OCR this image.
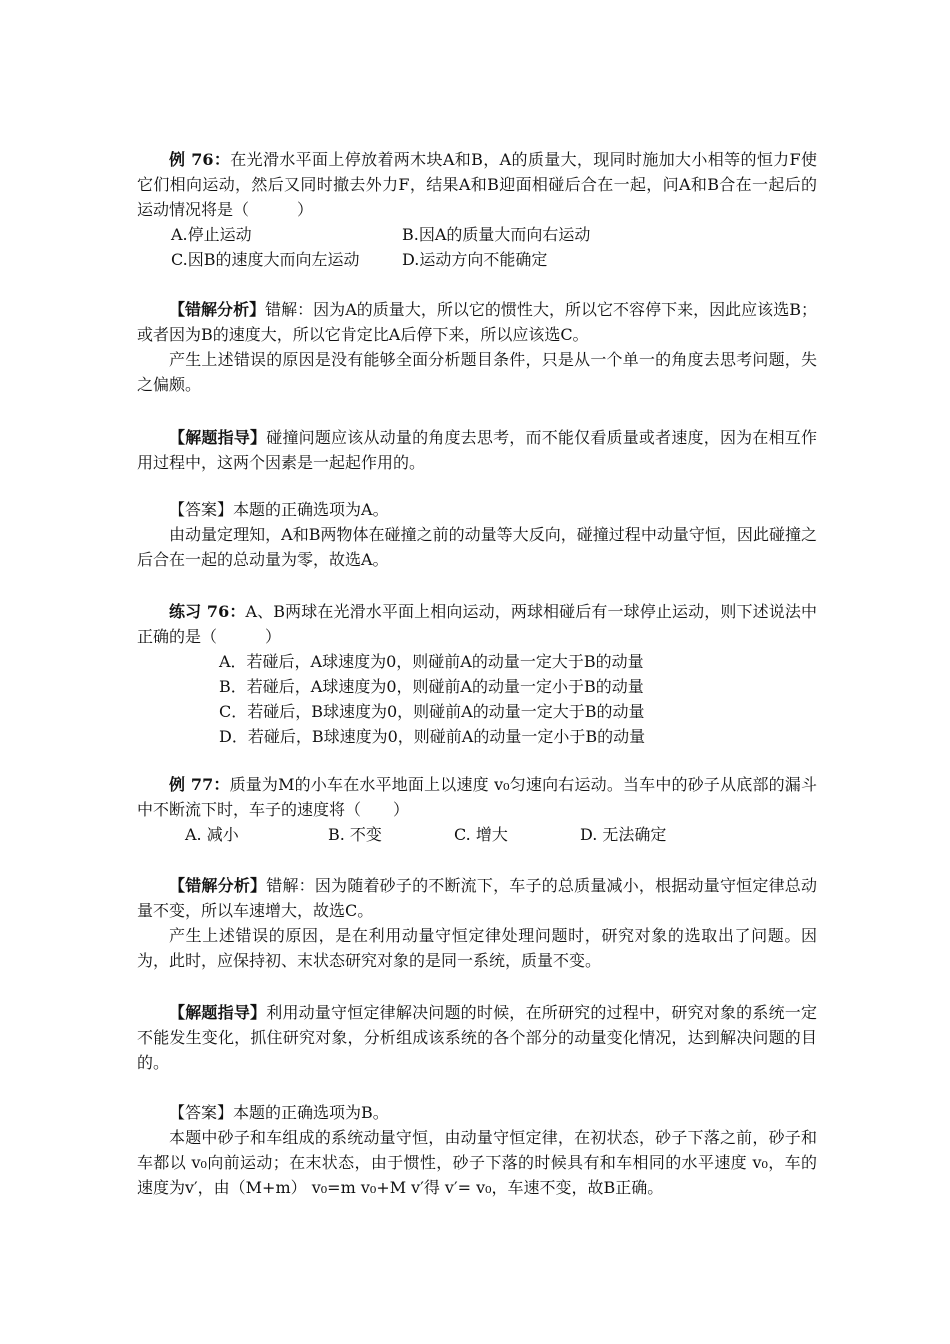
例 76：在光滑水平面上停放着两木块A和B，A的质量大，现同时施加大小相等的恒力F使它们相向运动，然后又同时撤去外力F，结果A和B迎面相碰后合在一起，问A和B合在一起后的运动情况将是（　　　）

A.停止运动	B.因A的质量大而向右运动
C.因B的速度大而向左运动	D.运动方向不能确定

【错解分析】错解：因为A的质量大，所以它的惯性大，所以它不容停下来，因此应该选B；或者因为B的速度大，所以它肯定比A后停下来，所以应该选C。

产生上述错误的原因是没有能够全面分析题目条件，只是从一个单一的角度去思考问题，失之偏颇。

【解题指导】碰撞问题应该从动量的角度去思考，而不能仅看质量或者速度，因为在相互作用过程中，这两个因素是一起起作用的。

【答案】本题的正确选项为A。

由动量定理知，A和B两物体在碰撞之前的动量等大反向，碰撞过程中动量守恒，因此碰撞之后合在一起的总动量为零，故选A。

练习 76：A、B两球在光滑水平面上相向运动，两球相碰后有一球停止运动，则下述说法中正确的是（　　　）

A．若碰后，A球速度为0，则碰前A的动量一定大于B的动量
B．若碰后，A球速度为0，则碰前A的动量一定小于B的动量
C．若碰后，B球速度为0，则碰前A的动量一定大于B的动量
D．若碰后，B球速度为0，则碰前A的动量一定小于B的动量

例 77：质量为M的小车在水平地面上以速度 v₀匀速向右运动。当车中的砂子从底部的漏斗中不断流下时，车子的速度将（　　）

A. 减小	B. 不变	C. 增大	D. 无法确定

【错解分析】错解：因为随着砂子的不断流下，车子的总质量减小，根据动量守恒定律总动量不变，所以车速增大，故选C。

产生上述错误的原因，是在利用动量守恒定律处理问题时，研究对象的选取出了问题。因为，此时，应保持初、末状态研究对象的是同一系统，质量不变。

【解题指导】利用动量守恒定律解决问题的时候，在所研究的过程中，研究对象的系统一定不能发生变化，抓住研究对象，分析组成该系统的各个部分的动量变化情况，达到解决问题的目的。

【答案】本题的正确选项为B。

本题中砂子和车组成的系统动量守恒，由动量守恒定律，在初状态，砂子下落之前，砂子和车都以 v₀向前运动；在末状态，由于惯性，砂子下落的时候具有和车相同的水平速度 v₀，车的速度为v′，由（M+m） v₀=m v₀+M v′得 v′= v₀，车速不变，故B正确。
